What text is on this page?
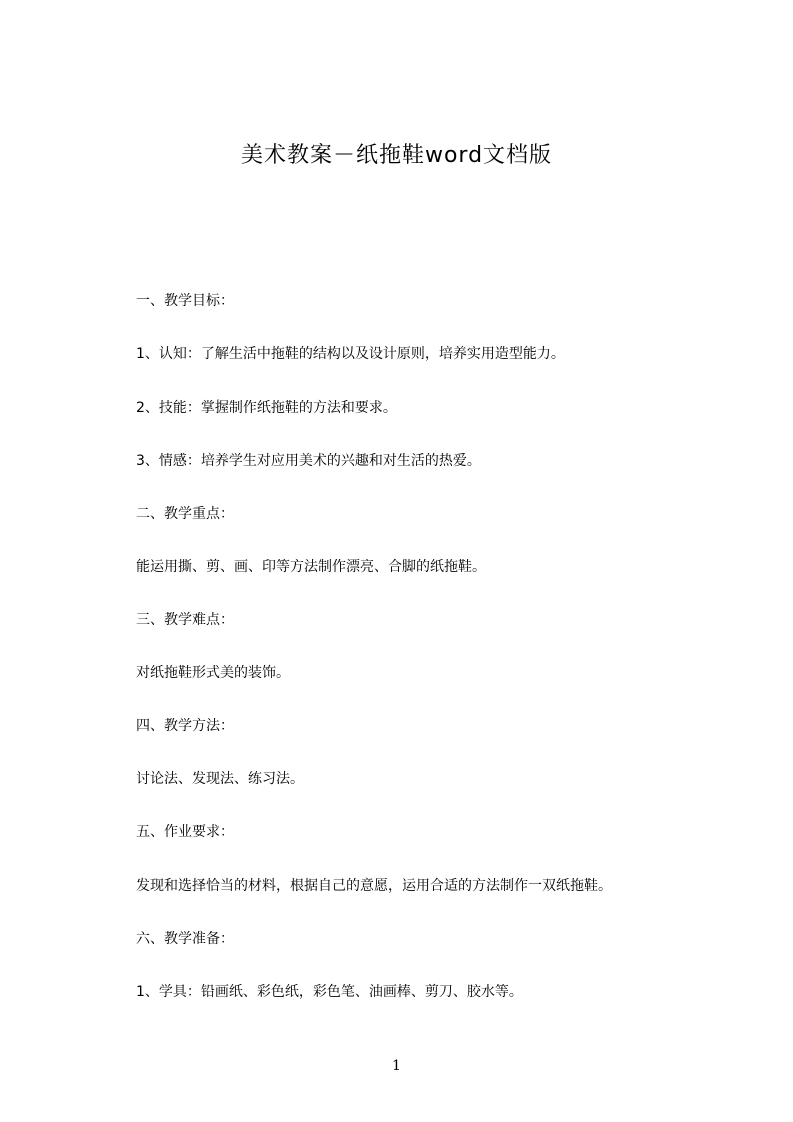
美术教案－纸拖鞋word文档版
一、教学目标：
1、认知：了解生活中拖鞋的结构以及设计原则，培养实用造型能力。
2、技能：掌握制作纸拖鞋的方法和要求。
3、情感：培养学生对应用美术的兴趣和对生活的热爱。
二、教学重点：
能运用撕、剪、画、印等方法制作漂亮、合脚的纸拖鞋。
三、教学难点：
对纸拖鞋形式美的装饰。
四、教学方法：
讨论法、发现法、练习法。
五、作业要求：
发现和选择恰当的材料，根据自己的意愿，运用合适的方法制作一双纸拖鞋。
六、教学准备：
1、学具：铅画纸、彩色纸，彩色笔、油画棒、剪刀、胶水等。
1
